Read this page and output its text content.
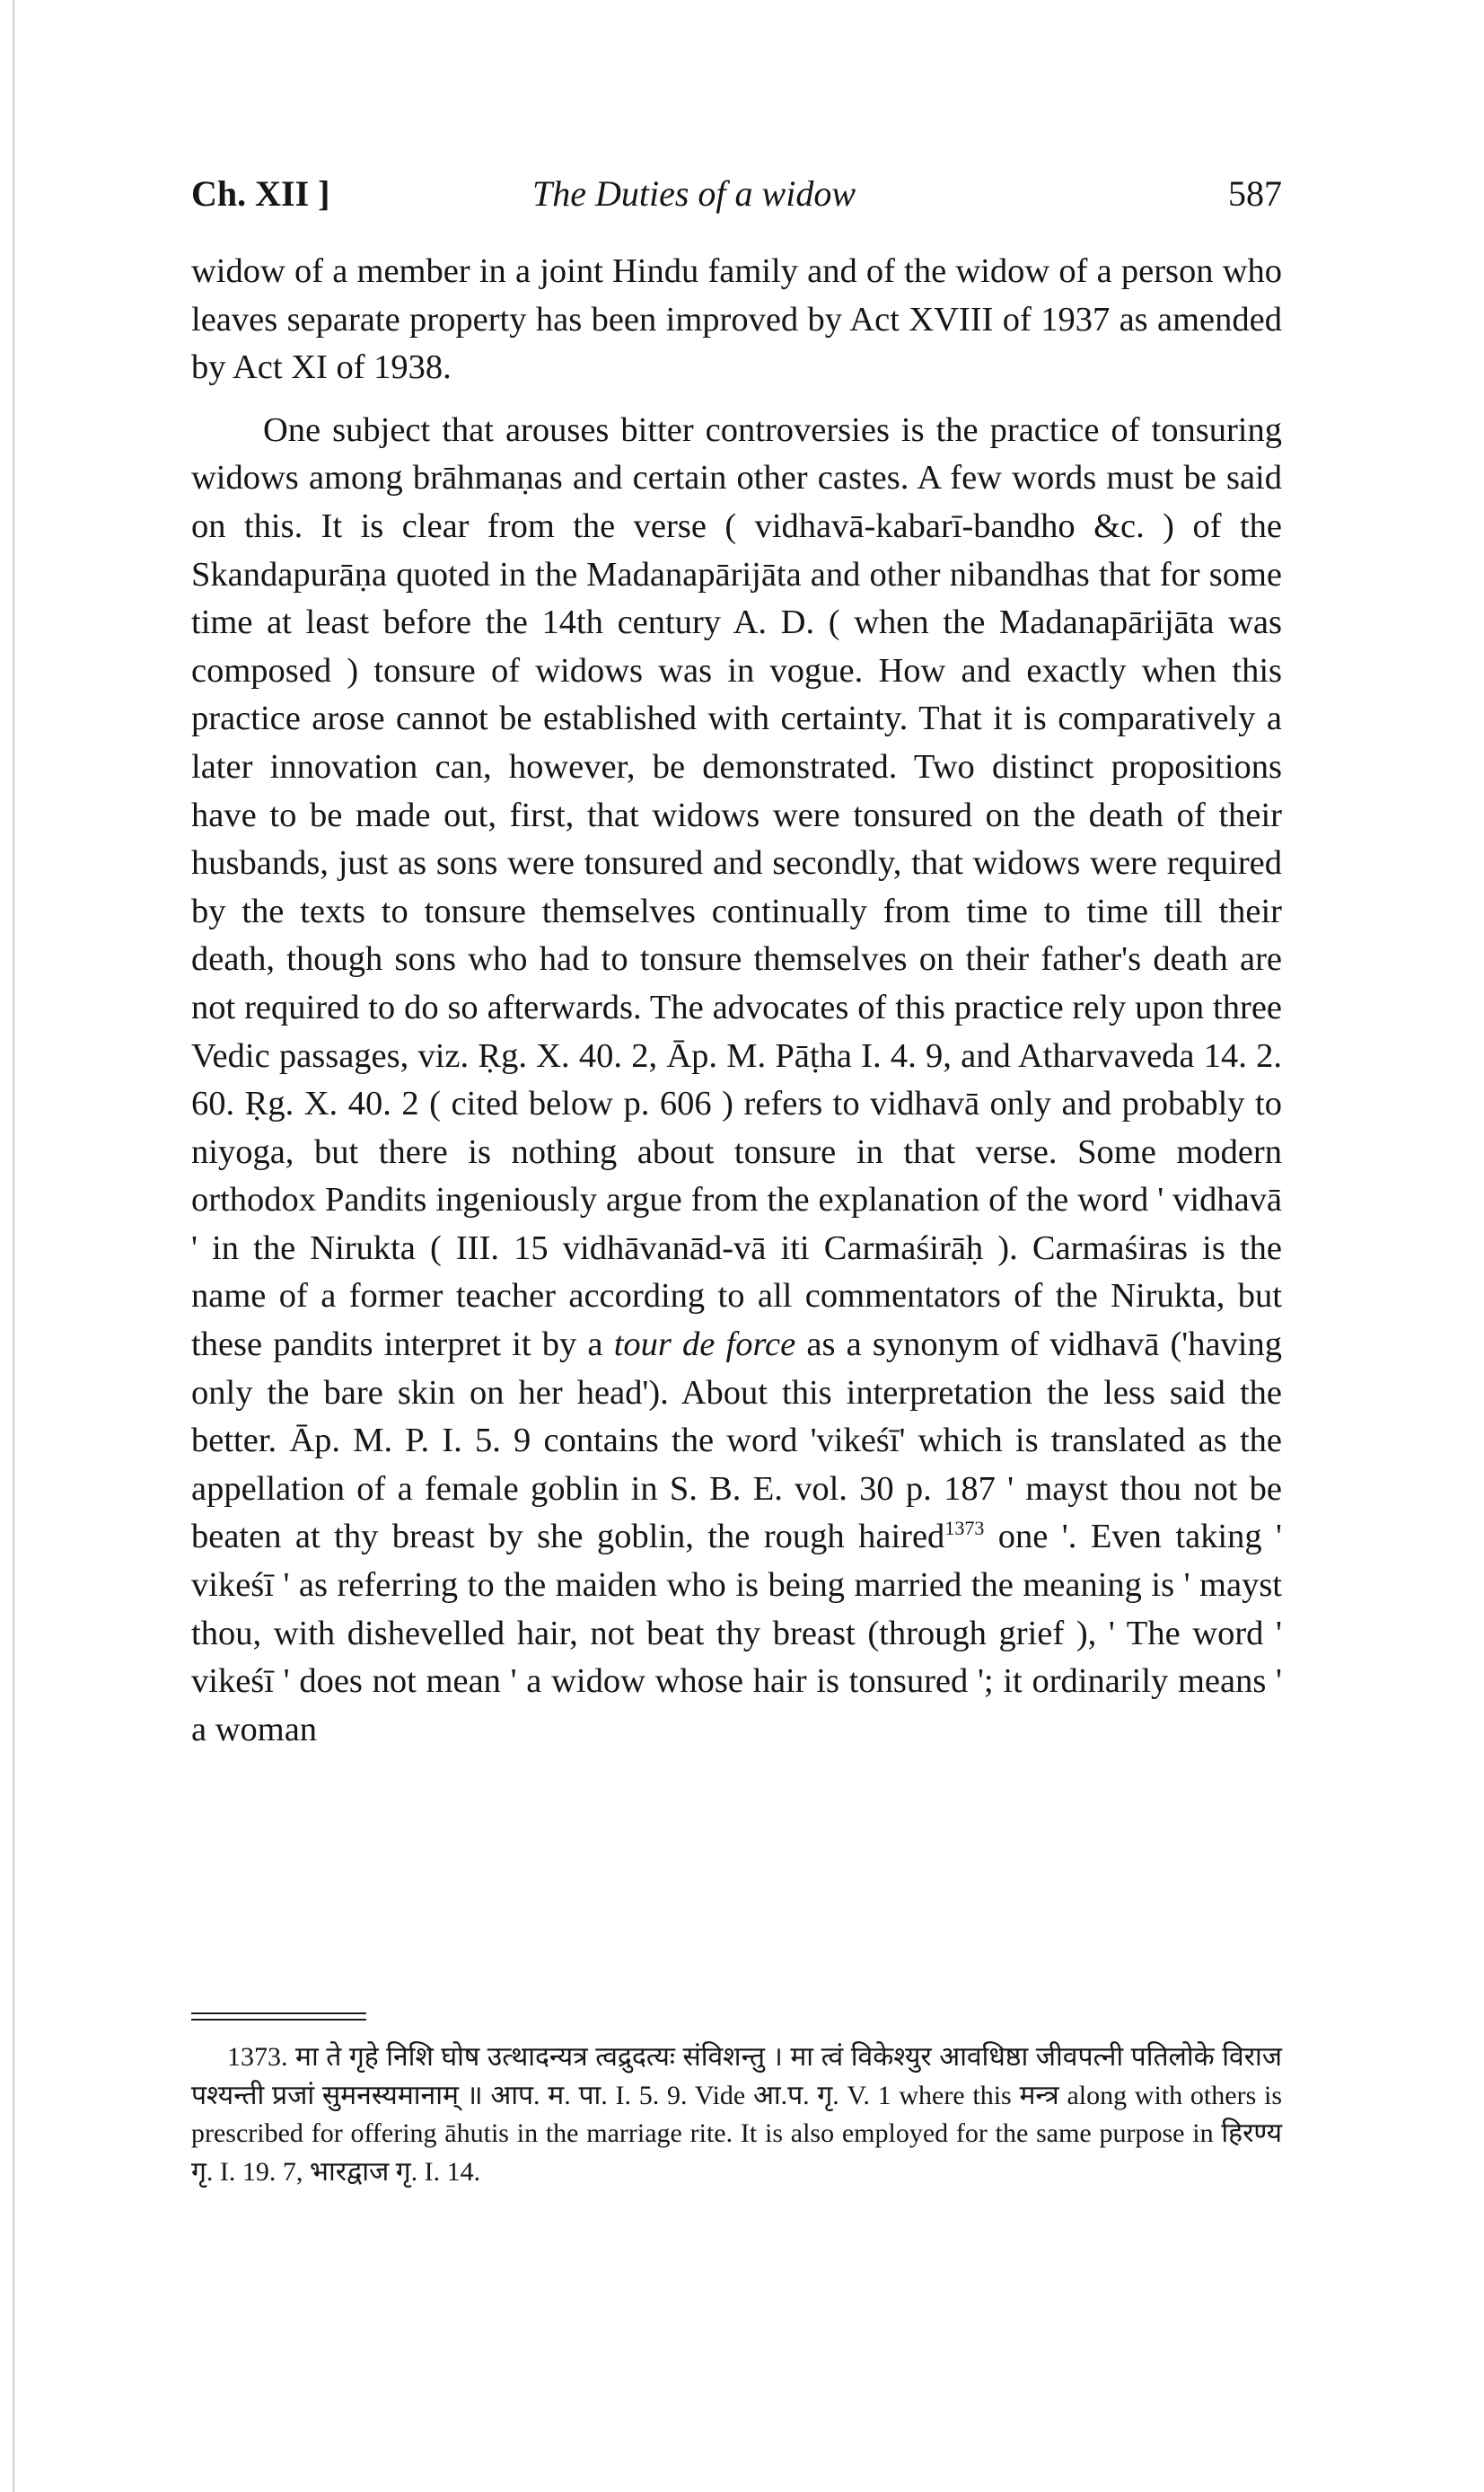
Ch. XII ]	The Duties of a widow	587

widow of a member in a joint Hindu family and of the widow of a person who leaves separate property has been improved by Act XVIII of 1937 as amended by Act XI of 1938.

One subject that arouses bitter controversies is the practice of tonsuring widows among brāhmaṇas and certain other castes. A few words must be said on this. It is clear from the verse ( vidhavā-kabarī-bandho &c. ) of the Skandapurāṇa quoted in the Madanapārijāta and other nibandhas that for some time at least before the 14th century A. D. ( when the Madanapārijāta was composed ) tonsure of widows was in vogue. How and exactly when this practice arose cannot be established with certainty. That it is comparatively a later innovation can, however, be demonstrated. Two distinct propositions have to be made out, first, that widows were tonsured on the death of their husbands, just as sons were tonsured and secondly, that widows were required by the texts to tonsure themselves continually from time to time till their death, though sons who had to tonsure themselves on their father's death are not required to do so afterwards. The advocates of this practice rely upon three Vedic passages, viz. Ṛg. X. 40. 2, Āp. M. Pāṭha I. 4. 9, and Atharvaveda 14. 2. 60. Ṛg. X. 40. 2 ( cited below p. 606 ) refers to vidhavā only and probably to niyoga, but there is nothing about tonsure in that verse. Some modern orthodox Pandits ingeniously argue from the explanation of the word ' vidhavā ' in the Nirukta ( III. 15 vidhāvanād-vā iti Carmaśirāḥ ). Carmaśiras is the name of a former teacher according to all commentators of the Nirukta, but these pandits interpret it by a tour de force as a synonym of vidhavā ('having only the bare skin on her head'). About this interpretation the less said the better. Āp. M. P. I. 5. 9 contains the word 'vikeśī' which is translated as the appellation of a female goblin in S. B. E. vol. 30 p. 187 ' mayst thou not be beaten at thy breast by she goblin, the rough haired$^{1373}$ one '. Even taking ' vikeśī ' as referring to the maiden who is being married the meaning is ' mayst thou, with dishevelled hair, not beat thy breast (through grief ), ' The word ' vikeśī ' does not mean ' a widow whose hair is tonsured '; it ordinarily means ' a woman

1373. मा ते गृहे निशि घोष उत्थादन्यत्र त्वद्रुदत्यः संविशन्तु । मा त्वं विकेश्युर आवधिष्ठा जीवपत्नी पतिलोके विराज पश्यन्ती प्रजां सुमनस्यमानाम् ॥ आप. म. पा. I. 5. 9. Vide आ.प. गृ. V. 1 where this मन्त्र along with others is prescribed for offering āhutis in the marriage rite. It is also employed for the same purpose in हिरण्य गृ. I. 19. 7, भारद्वाज गृ. I. 14.
